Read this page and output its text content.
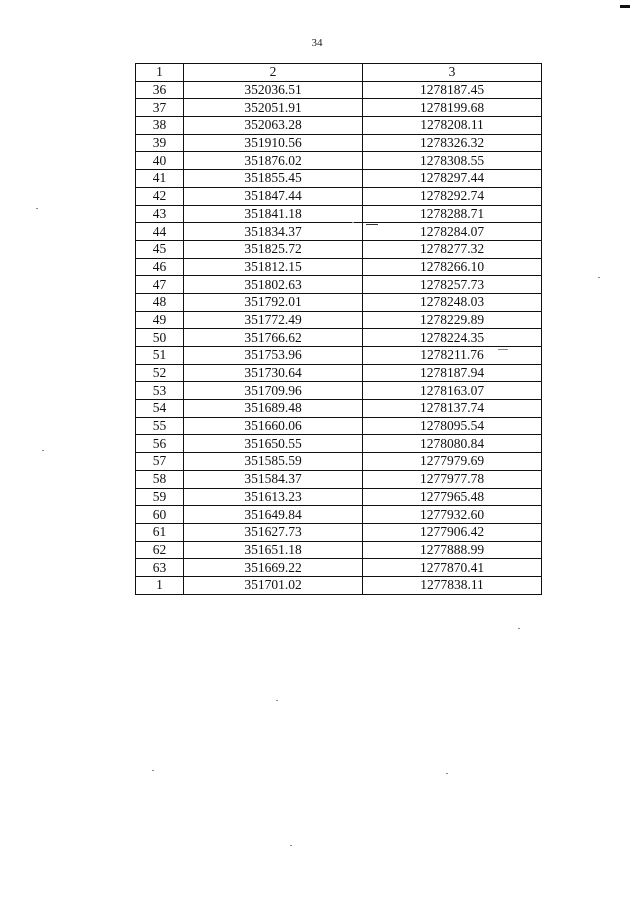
34
1	2	3
36	352036.51	1278187.45
37	352051.91	1278199.68
38	352063.28	1278208.11
39	351910.56	1278326.32
40	351876.02	1278308.55
41	351855.45	1278297.44
42	351847.44	1278292.74
43	351841.18	1278288.71
44	351834.37	1278284.07
45	351825.72	1278277.32
46	351812.15	1278266.10
47	351802.63	1278257.73
48	351792.01	1278248.03
49	351772.49	1278229.89
50	351766.62	1278224.35
51	351753.96	1278211.76
52	351730.64	1278187.94
53	351709.96	1278163.07
54	351689.48	1278137.74
55	351660.06	1278095.54
56	351650.55	1278080.84
57	351585.59	1277979.69
58	351584.37	1277977.78
59	351613.23	1277965.48
60	351649.84	1277932.60
61	351627.73	1277906.42
62	351651.18	1277888.99
63	351669.22	1277870.41
1	351701.02	1277838.11
